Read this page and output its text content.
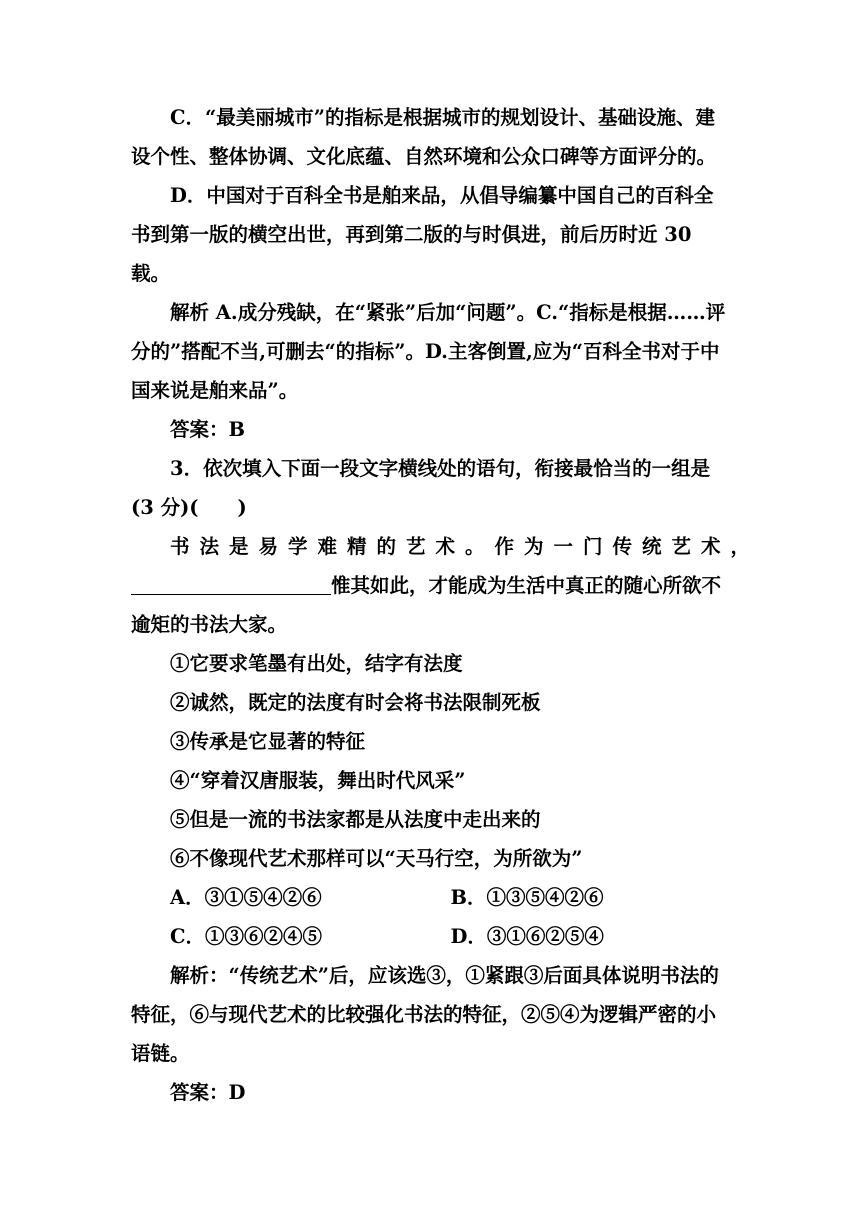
C．“最美丽城市”的指标是根据城市的规划设计、基础设施、建设个性、整体协调、文化底蕴、自然环境和公众口碑等方面评分的。

D．中国对于百科全书是舶来品，从倡导编纂中国自己的百科全书到第一版的横空出世，再到第二版的与时俱进，前后历时近 30 载。

解析 A.成分残缺，在“紧张”后加“问题”。C.“指标是根据……评分的”搭配不当,可删去“的指标”。D.主客倒置,应为“百科全书对于中国来说是舶来品”。

答案：B

3．依次填入下面一段文字横线处的语句，衔接最恰当的一组是(3 分)(　　)

书法是易学难精的艺术。作为一门传统艺术，

惟其如此，才能成为生活中真正的随心所欲不逾矩的书法大家。

①它要求笔墨有出处，结字有法度

②诚然，既定的法度有时会将书法限制死板

③传承是它显著的特征

④“穿着汉唐服装，舞出时代风采”

⑤但是一流的书法家都是从法度中走出来的

⑥不像现代艺术那样可以“天马行空，为所欲为”

A．③①⑤④②⑥	B．①③⑤④②⑥
C．①③⑥②④⑤	D．③①⑥②⑤④

解析：“传统艺术”后，应该选③，①紧跟③后面具体说明书法的特征，⑥与现代艺术的比较强化书法的特征，②⑤④为逻辑严密的小语链。

答案：D
